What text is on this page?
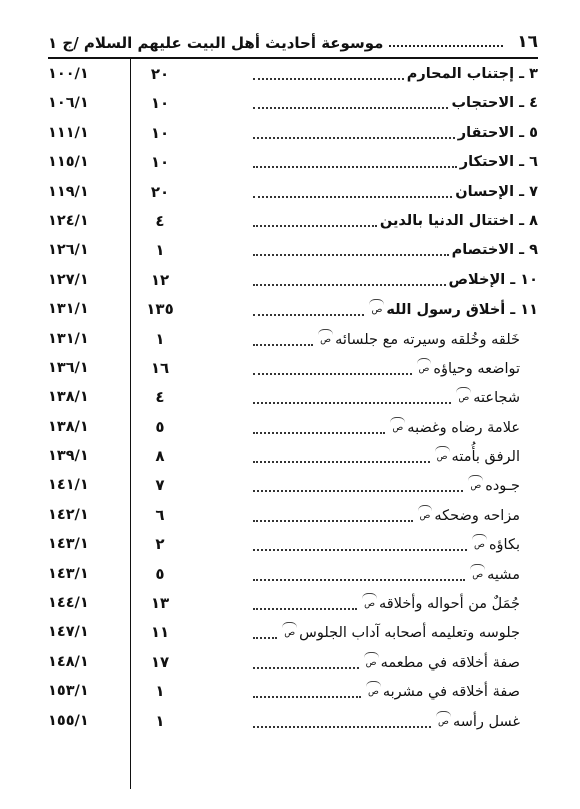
١٦
موسوعة أحاديث أهل البيت عليهم السلام /ج ١
٣ ـ إجتناب المحارم
٢٠
١٠٠/١
٤ ـ الاحتجاب
١٠
١٠٦/١
٥ ـ الاحتقار
١٠
١١١/١
٦ ـ الاحتكار
١٠
١١٥/١
٧ ـ الإحسان
٢٠
١١٩/١
٨ ـ اختتال الدنيا بالدين
٤
١٢٤/١
٩ ـ الاختصام
١
١٢٦/١
١٠ ـ الإخلاص
١٢
١٢٧/١
١١ ـ أخلاق رسول الله
ص
١٣٥
١٣١/١
خَلقه وخُلقه وسيرته مع جلسائه
ص
١
١٣١/١
تواضعه وحياؤه
ص
١٦
١٣٦/١
شجاعته
ص
٤
١٣٨/١
علامة رضاه وغضبه
ص
٥
١٣٨/١
الرفق بأُمته
ص
٨
١٣٩/١
جـوده
ص
٧
١٤١/١
مزاحه وضحكه
ص
٦
١٤٢/١
بكاؤه
ص
٢
١٤٣/١
مشيه
ص
٥
١٤٣/١
جُمَلٌ من أحواله وأخلاقه
ص
١٣
١٤٤/١
جلوسه وتعليمه أصحابه آداب الجلوس
ص
١١
١٤٧/١
صفة أخلاقه في مطعمه
ص
١٧
١٤٨/١
صفة أخلاقه في مشربه
ص
١
١٥٣/١
غسل رأسه
ص
١
١٥٥/١
